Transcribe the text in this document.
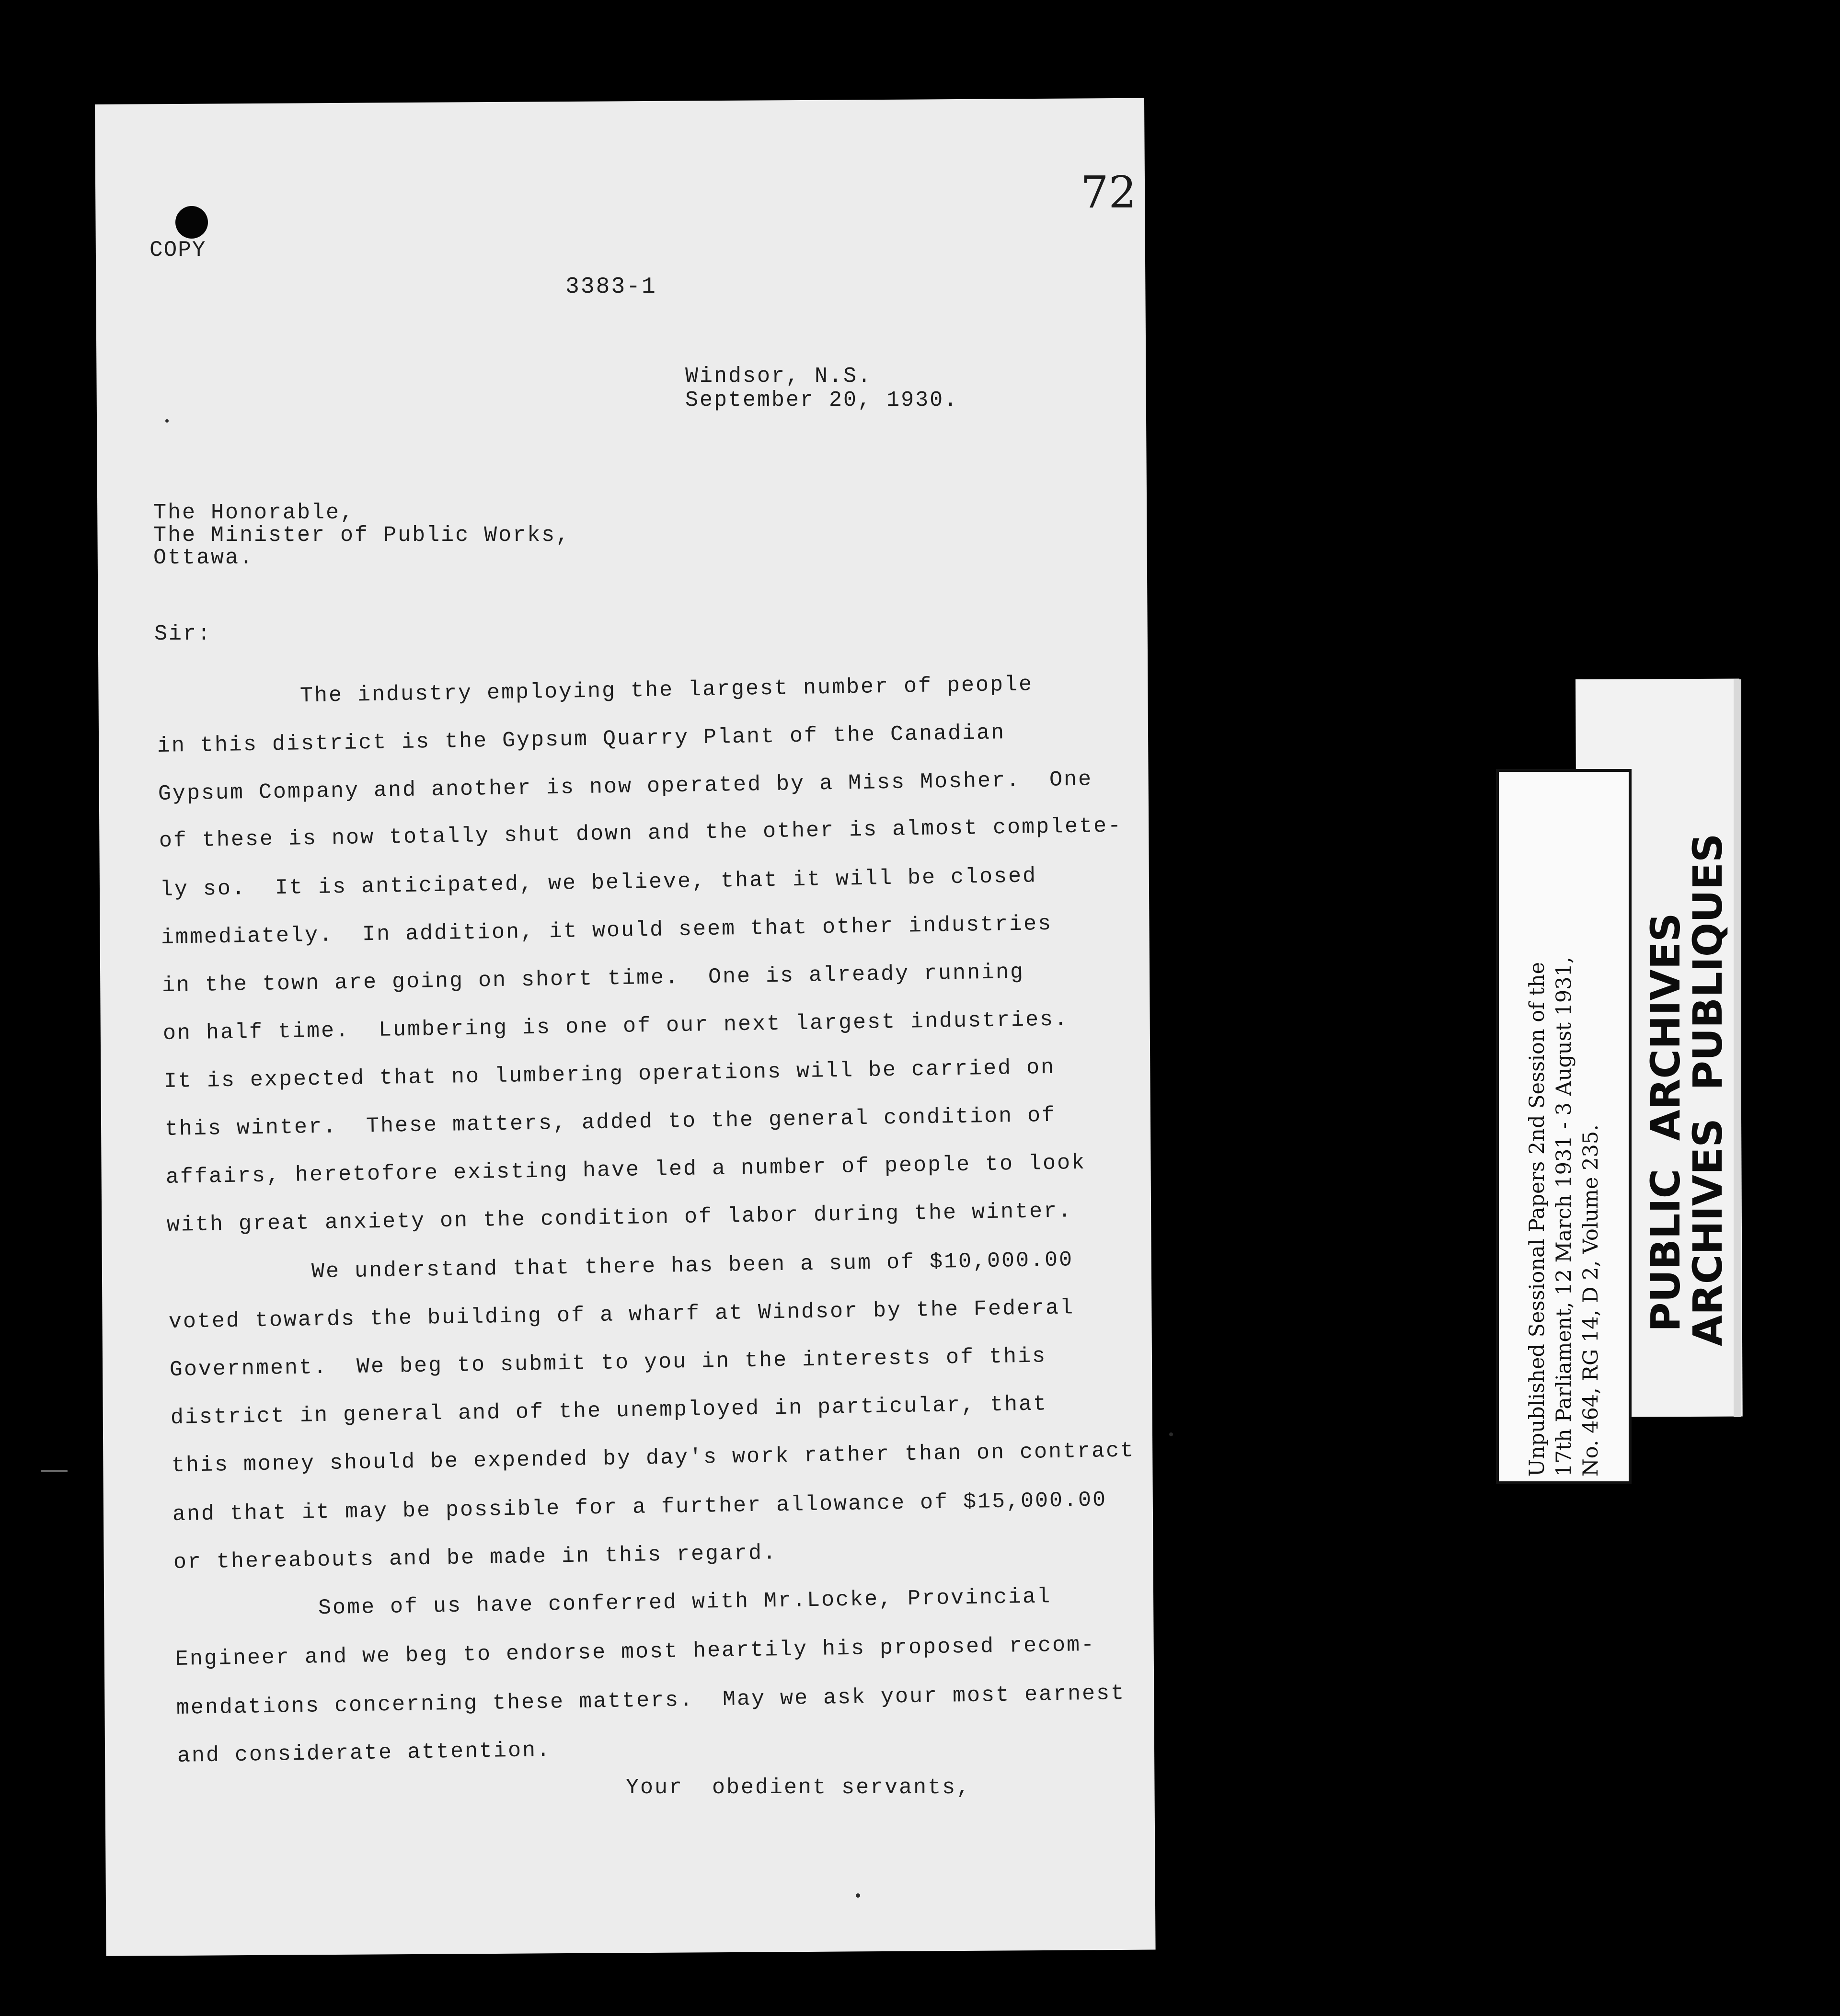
72
COPY
3383-1

Windsor, N.S.

September 20, 1930.

The Honorable,

The Minister of Public Works,

Ottawa.

Sir:

The industry employing the largest number of people

in this district is the Gypsum Quarry Plant of the Canadian

Gypsum Company and another is now operated by a Miss Mosher.  One

of these is now totally shut down and the other is almost complete-

ly so.  It is anticipated, we believe, that it will be closed

immediately.  In addition, it would seem that other industries

in the town are going on short time.  One is already running

on half time.  Lumbering is one of our next largest industries.

It is expected that no lumbering operations will be carried on

this winter.  These matters, added to the general condition of

affairs, heretofore existing have led a number of people to look

with great anxiety on the condition of labor during the winter.

We understand that there has been a sum of $10,000.00

voted towards the building of a wharf at Windsor by the Federal

Government.  We beg to submit to you in the interests of this

district in general and of the unemployed in particular, that

this money should be expended by day's work rather than on contract

and that it may be possible for a further allowance of $15,000.00

or thereabouts and be made in this regard.

Some of us have conferred with Mr.Locke, Provincial

Engineer and we beg to endorse most heartily his proposed recom-

mendations concerning these matters.  May we ask your most earnest

and considerate attention.

Your  obedient servants,
PUBLIC  ARCHIVES
ARCHIVES  PUBLIQUES
Unpublished Sessional Papers 2nd Session of the 17th Parliament, 12 March 1931 - 3 August 1931, No. 464, RG 14, D 2, Volume 235.
